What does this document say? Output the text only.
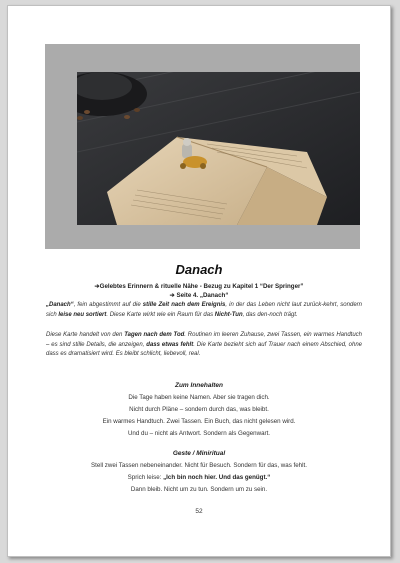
Danach
➔Gelebtes Erinnern & rituelle Nähe - Bezug zu Kapitel 1 “Der Springer”
➔ Seite 4. „Danach“

„Danach“, fein abgestimmt auf die stille Zeit nach dem Ereignis, in der das Leben nicht laut zurück-kehrt, sondern sich leise neu sortiert. Diese Karte wirkt wie ein Raum für das Nicht-Tun, das den-noch trägt.

Diese Karte handelt von den Tagen nach dem Tod. Routinen im leeren Zuhause, zwei Tassen, ein warmes Handtuch – es sind stille Details, die anzeigen, dass etwas fehlt. Die Karte bezieht sich auf Trauer nach einem Abschied, ohne dass es dramatisiert wird. Es bleibt schlicht, liebevoll, real.

Zum Innehalten
Die Tage haben keine Namen. Aber sie tragen dich.
Nicht durch Pläne – sondern durch das, was bleibt.
Ein warmes Handtuch. Zwei Tassen. Ein Buch, das nicht gelesen wird.
Und du – nicht als Antwort. Sondern als Gegenwart.
Geste / Miniritual
Stell zwei Tassen nebeneinander. Nicht für Besuch. Sondern für das, was fehlt.
Sprich leise: „Ich bin noch hier. Und das genügt.“
Dann bleib. Nicht um zu tun. Sondern um zu sein.
52
